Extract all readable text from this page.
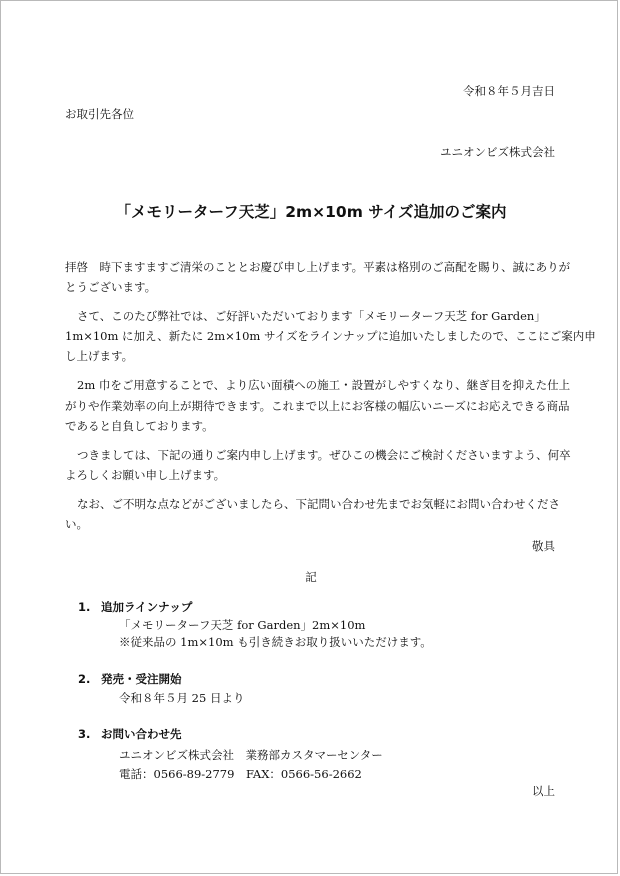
令和８年５月吉日
お取引先各位
ユニオンビズ株式会社
「メモリーターフ天芝」2m×10m サイズ追加のご案内
拝啓　時下ますますご清栄のこととお慶び申し上げます。平素は格別のご高配を賜り、誠にありが
とうございます。
さて、このたび弊社では、ご好評いただいております「メモリーターフ天芝 for Garden」
1m×10m に加え、新たに 2m×10m サイズをラインナップに追加いたしましたので、ここにご案内申
し上げます。
2m 巾をご用意することで、より広い面積への施工・設置がしやすくなり、継ぎ目を抑えた仕上
がりや作業効率の向上が期待できます。これまで以上にお客様の幅広いニーズにお応えできる商品
であると自負しております。
つきましては、下記の通りご案内申し上げます。ぜひこの機会にご検討くださいますよう、何卒
よろしくお願い申し上げます。
なお、ご不明な点などがございましたら、下記問い合わせ先までお気軽にお問い合わせくださ
い。
敬具
記
1. 追加ラインナップ
「メモリーターフ天芝 for Garden」2m×10m
※従来品の 1m×10m も引き続きお取り扱いいただけます。
2. 発売・受注開始
令和８年５月 25 日より
3. お問い合わせ先
ユニオンビズ株式会社　業務部カスタマーセンター
電話：0566-89-2779　FAX：0566-56-2662
以上
